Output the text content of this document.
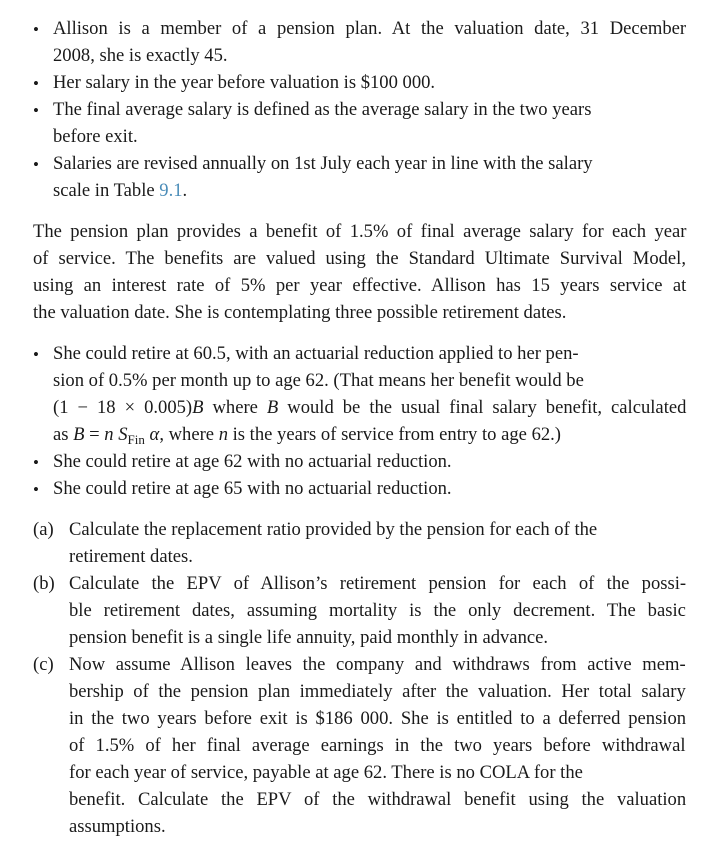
• Allison is a member of a pension plan. At the valuation date, 31 December
2008, she is exactly 45.
• Her salary in the year before valuation is $100 000.
• The final average salary is defined as the average salary in the two years
before exit.
• Salaries are revised annually on 1st July each year in line with the salary
scale in Table 9.1.
The pension plan provides a benefit of 1.5% of final average salary for each year
of service. The benefits are valued using the Standard Ultimate Survival Model,
using an interest rate of 5% per year effective. Allison has 15 years service at
the valuation date. She is contemplating three possible retirement dates.
• She could retire at 60.5, with an actuarial reduction applied to her pen-
sion of 0.5% per month up to age 62. (That means her benefit would be
(1 − 18 × 0.005)B where B would be the usual final salary benefit, calculated
as B = n $S_{Fin}$ α, where n is the years of service from entry to age 62.)
• She could retire at age 62 with no actuarial reduction.
• She could retire at age 65 with no actuarial reduction.
(a) Calculate the replacement ratio provided by the pension for each of the
retirement dates.
(b) Calculate the EPV of Allison’s retirement pension for each of the possi-
ble retirement dates, assuming mortality is the only decrement. The basic
pension benefit is a single life annuity, paid monthly in advance.
(c) Now assume Allison leaves the company and withdraws from active mem-
bership of the pension plan immediately after the valuation. Her total salary
in the two years before exit is $186 000. She is entitled to a deferred pension
of 1.5% of her final average earnings in the two years before withdrawal
for each year of service, payable at age 62. There is no COLA for the
benefit. Calculate the EPV of the withdrawal benefit using the valuation
assumptions.
